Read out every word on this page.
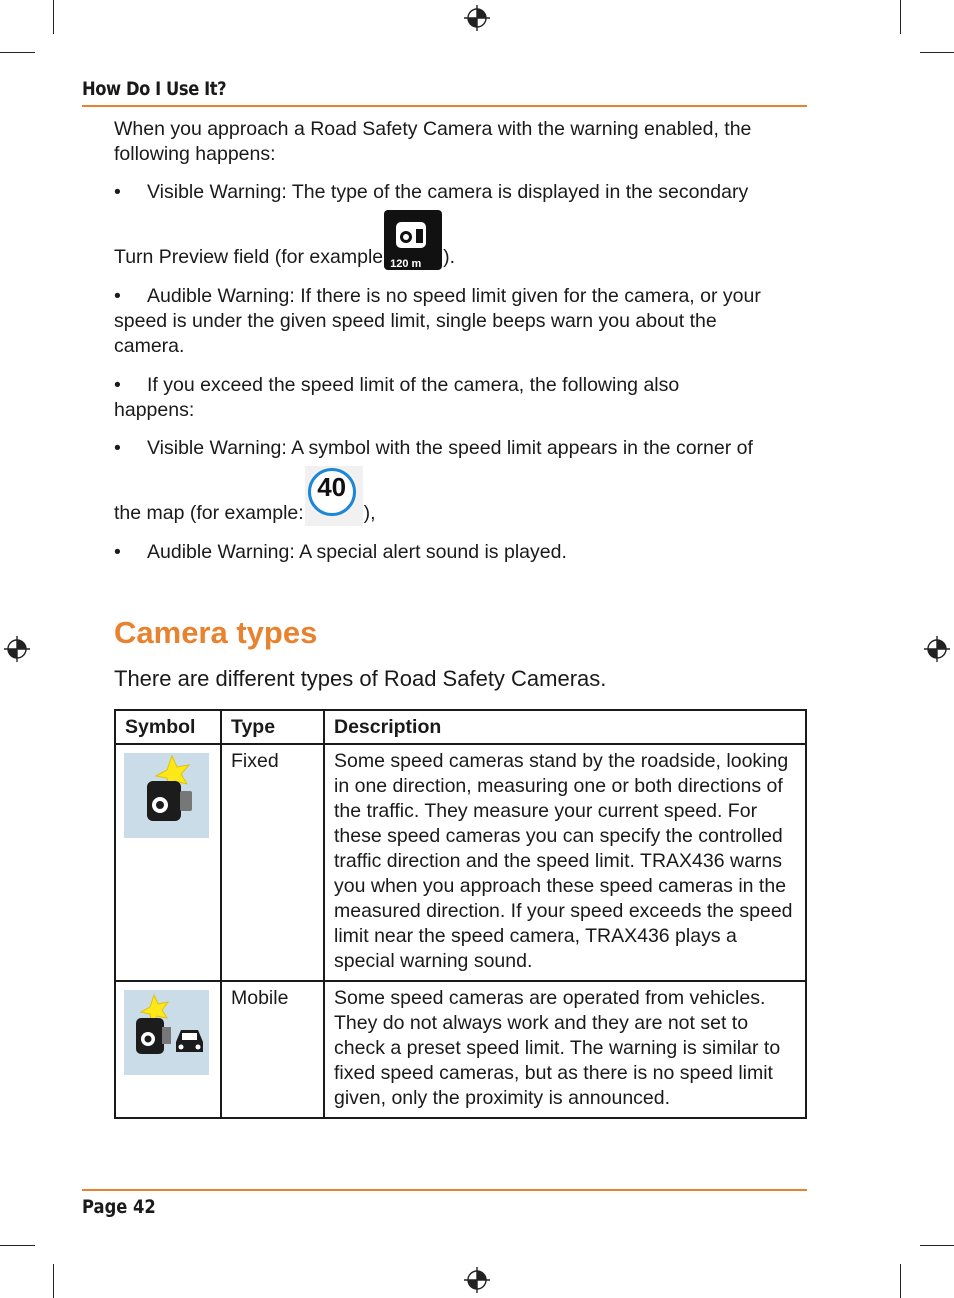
How Do I Use It?

When you approach a Road Safety Camera with the warning enabled, the following happens:

•	Visible Warning: The type of the camera is displayed in the secondary
Turn Preview field (for example 120 m ).
•	Audible Warning: If there is no speed limit given for the camera, or your

speed is under the given speed limit, single beeps warn you about the camera.

•	If you exceed the speed limit of the camera, the following also

happens:

•	Visible Warning: A symbol with the speed limit appears in the corner of
the map (for example:
40
),
•	Audible Warning: A special alert sound is played.
Camera types
There are different types of Road Safety Cameras.
Symbol	Type	Description

	Fixed	Some speed cameras stand by the roadside, looking in one direction, measuring one or both directions of the traffic. They measure your current speed. For these speed cameras you can specify the controlled traffic direction and the speed limit. TRAX436 warns you when you approach these speed cameras in the measured direction. If your speed exceeds the speed limit near the speed camera, TRAX436 plays a special warning sound.

	Mobile	Some speed cameras are operated from vehicles. They do not always work and they are not set to check a preset speed limit. The warning is similar to fixed speed cameras, but as there is no speed limit given, only the proximity is announced.
Page 42
